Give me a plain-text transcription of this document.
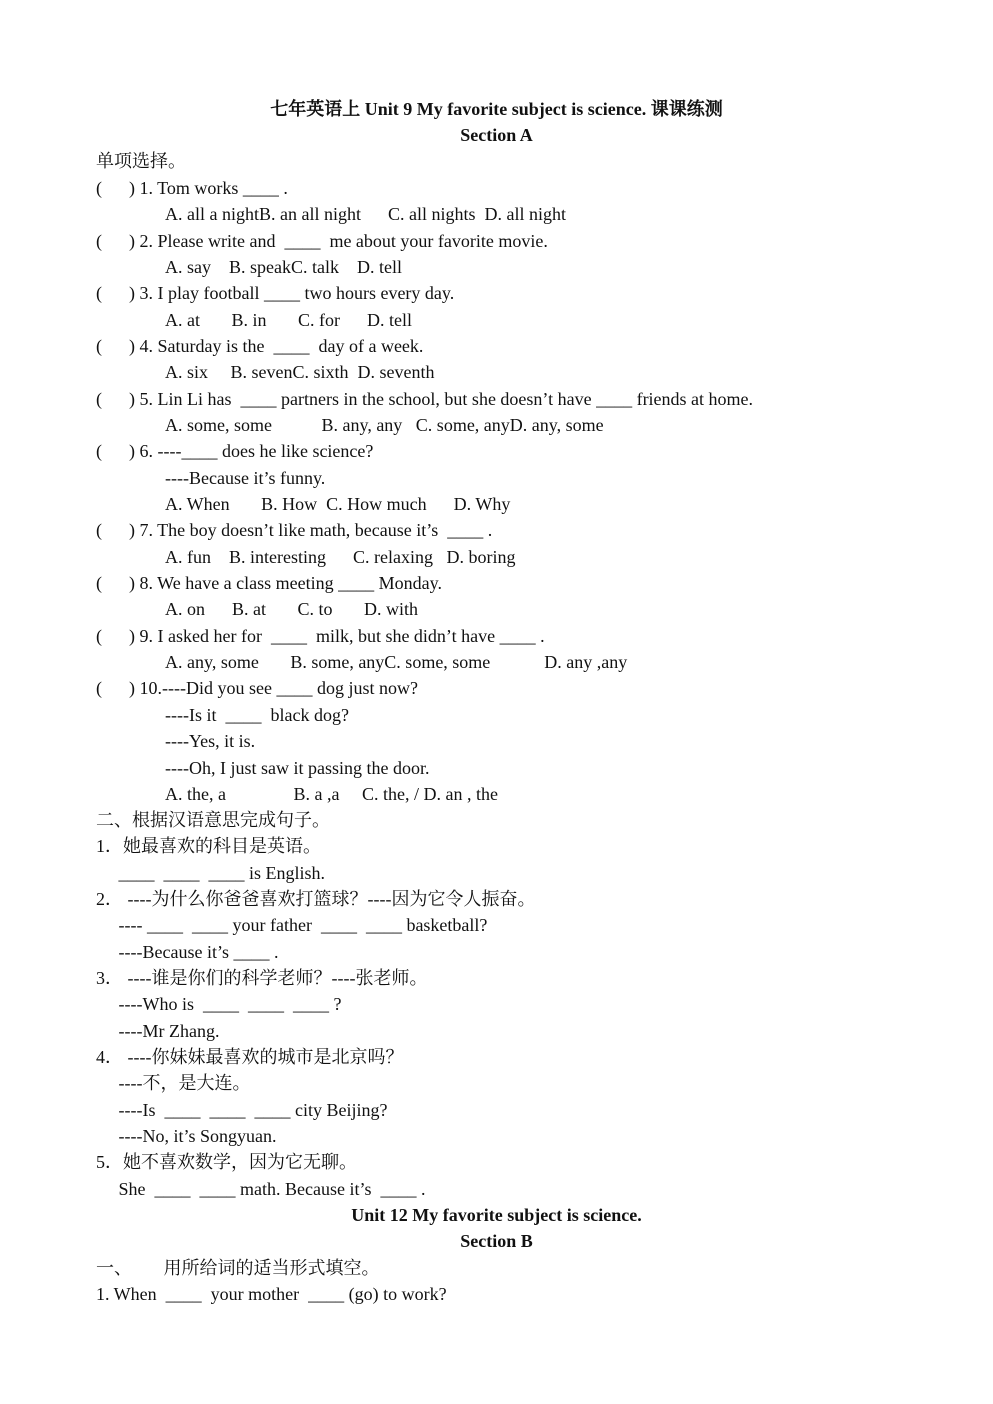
七年英语上 Unit 9 My favorite subject is science. 课课练测
Section A
单项选择。
(      ) 1. Tom works ____ .
A. all a nightB. an all night      C. all nights  D. all night
(      ) 2. Please write and  ____  me about your favorite movie.
A. say    B. speakC. talk    D. tell
(      ) 3. I play football ____ two hours every day.
A. at       B. in       C. for      D. tell
(      ) 4. Saturday is the  ____  day of a week.
A. six     B. sevenC. sixth  D. seventh
(      ) 5. Lin Li has  ____ partners in the school, but she doesn’t have ____ friends at home.
A. some, some           B. any, any   C. some, anyD. any, some
(      ) 6. ----____ does he like science?
----Because it’s funny.
A. When       B. How  C. How much      D. Why
(      ) 7. The boy doesn’t like math, because it’s  ____ .
A. fun    B. interesting      C. relaxing   D. boring
(      ) 8. We have a class meeting ____ Monday.
A. on      B. at       C. to       D. with
(      ) 9. I asked her for  ____  milk, but she didn’t have ____ .
A. any, some       B. some, anyC. some, some            D. any ,any
(      ) 10.----Did you see ____ dog just now?
----Is it  ____  black dog?
----Yes, it is.
----Oh, I just saw it passing the door.
A. the, a               B. a ,a     C. the, / D. an , the
二、根据汉语意思完成句子。
1．她最喜欢的科目是英语。
____  ____  ____ is English.
2． ----为什么你爸爸喜欢打篮球？----因为它令人振奋。
---- ____  ____ your father  ____  ____ basketball?
----Because it’s ____ .
3． ----谁是你们的科学老师？----张老师。
----Who is  ____  ____  ____ ?
----Mr Zhang.
4． ----你妹妹最喜欢的城市是北京吗？
----不，是大连。
----Is  ____  ____  ____ city Beijing?
----No, it’s Songyuan.
5．她不喜欢数学，因为它无聊。
She  ____  ____ math. Because it’s  ____ .
Unit 12 My favorite subject is science.
Section B
一、       用所给词的适当形式填空。
1. When  ____  your mother  ____ (go) to work?
